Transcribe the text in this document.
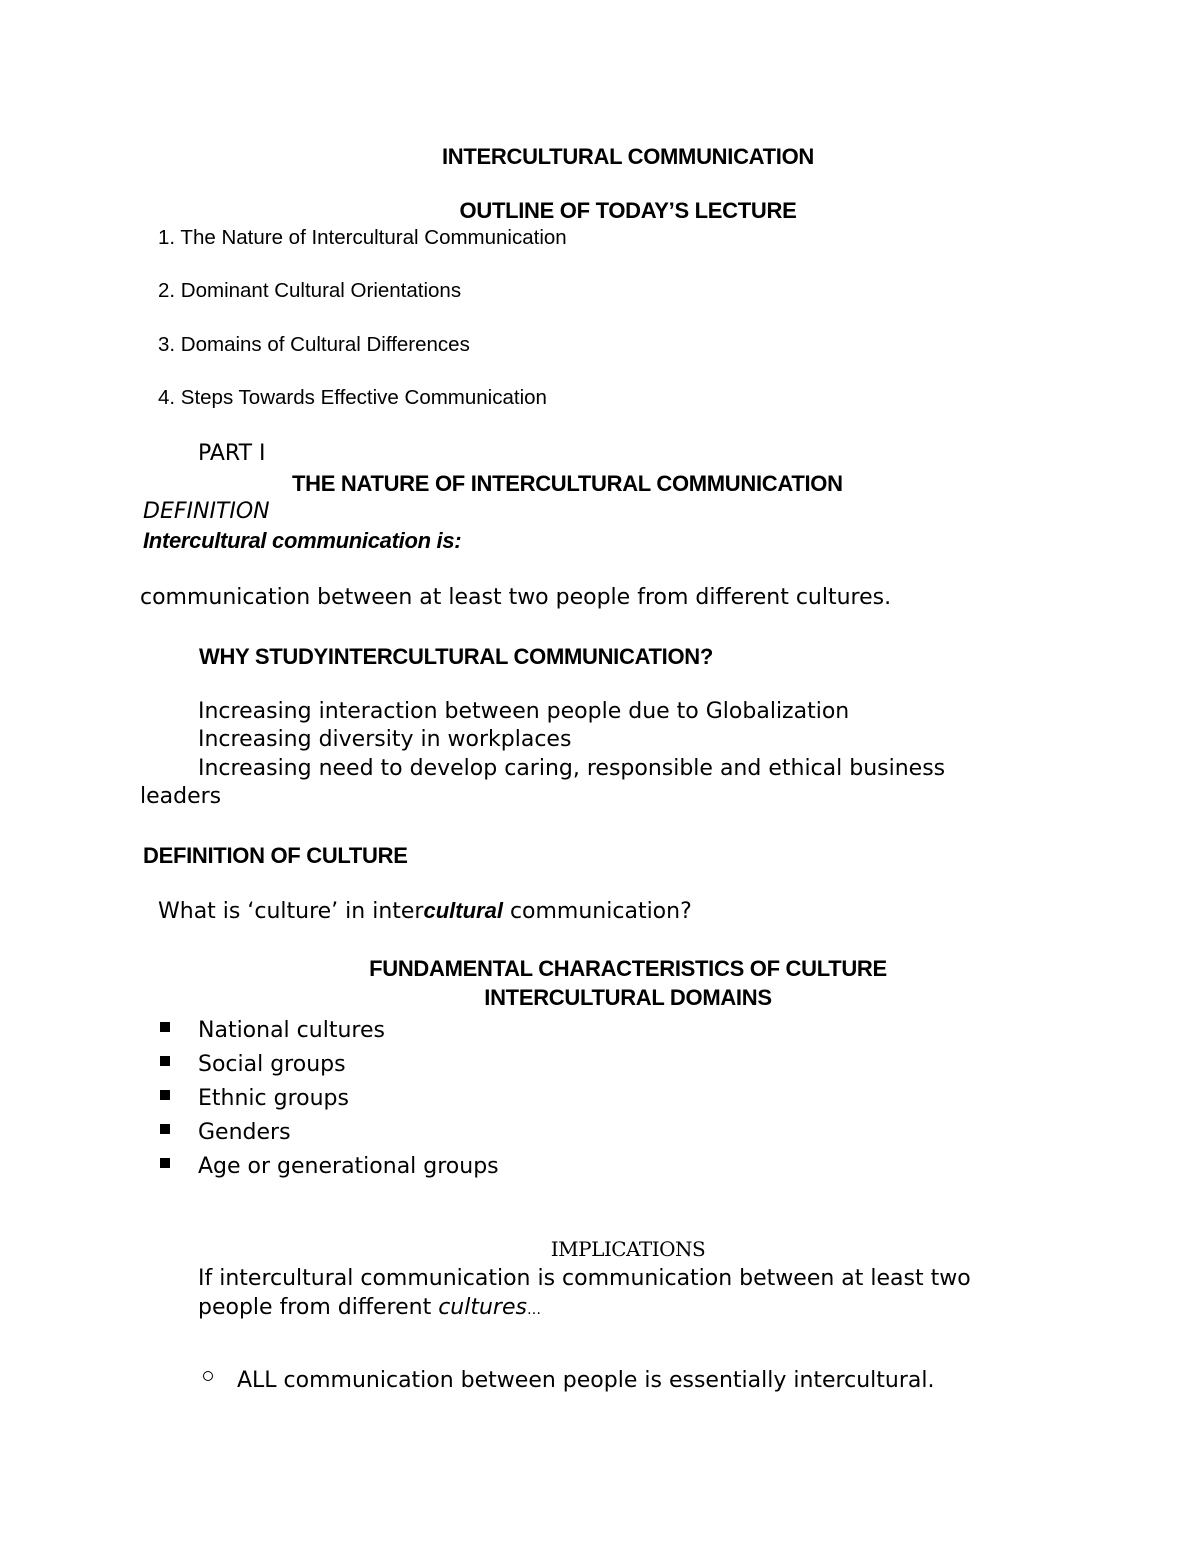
INTERCULTURAL COMMUNICATION
OUTLINE OF TODAY’S LECTURE
1. The Nature of Intercultural Communication
2. Dominant Cultural Orientations
3. Domains of Cultural Differences
4. Steps Towards Effective Communication
PART I
THE NATURE OF INTERCULTURAL COMMUNICATION
DEFINITION
Intercultural communication is:
communication between at least two people from different cultures.
WHY STUDYINTERCULTURAL COMMUNICATION?
Increasing interaction between people due to Globalization
Increasing diversity in workplaces
Increasing need to develop caring, responsible and ethical business
leaders
DEFINITION OF CULTURE
What is ‘culture’ in intercultural communication?
FUNDAMENTAL CHARACTERISTICS OF CULTURE
INTERCULTURAL DOMAINS
National cultures
Social groups
Ethnic groups
Genders
Age or generational groups
IMPLICATIONS
If intercultural communication is communication between at least two
people from different cultures…
ALL communication between people is essentially intercultural.
